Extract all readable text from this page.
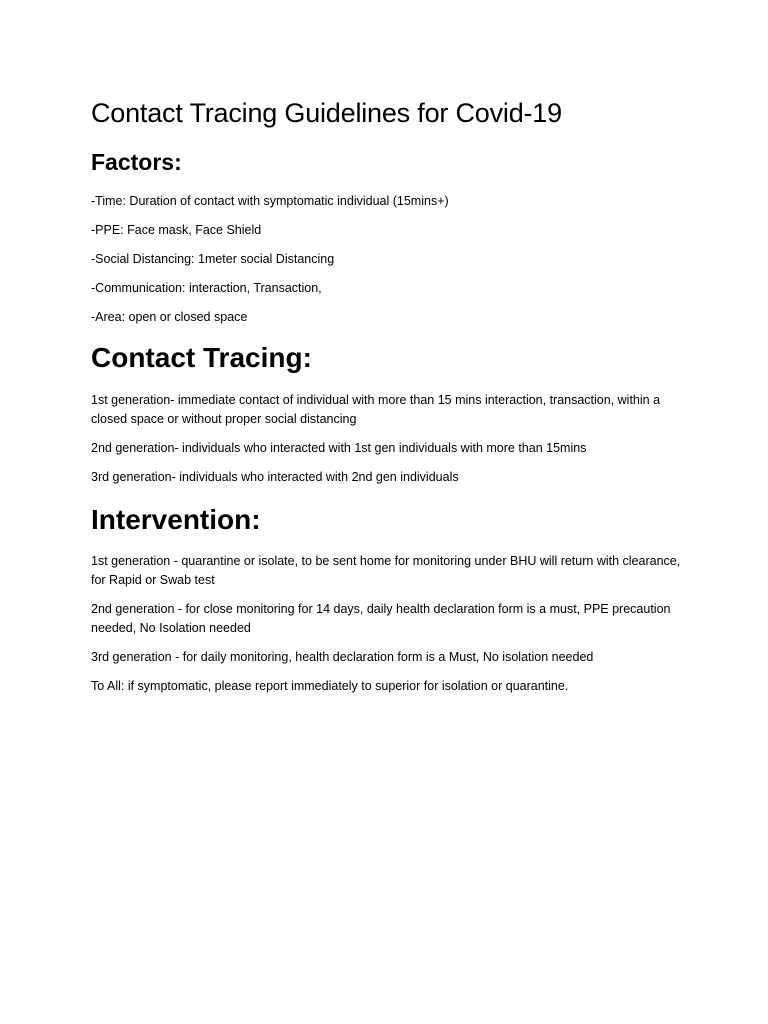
Contact Tracing Guidelines for Covid-19
Factors:

-Time: Duration of contact with symptomatic individual (15mins+)

-PPE: Face mask, Face Shield

-Social Distancing: 1meter social Distancing

-Communication: interaction, Transaction,

-Area: open or closed space

Contact Tracing:

1st generation- immediate contact of individual with more than 15 mins interaction, transaction, within a closed space or without proper social distancing

2nd generation- individuals who interacted with 1st gen individuals with more than 15mins

3rd generation- individuals who interacted with 2nd gen individuals

Intervention:

1st generation - quarantine or isolate, to be sent home for monitoring under BHU will return with clearance, for Rapid or Swab test

2nd generation - for close monitoring for 14 days, daily health declaration form is a must, PPE precaution needed, No Isolation needed

3rd generation - for daily monitoring, health declaration form is a Must, No isolation needed

To All: if symptomatic, please report immediately to superior for isolation or quarantine.
